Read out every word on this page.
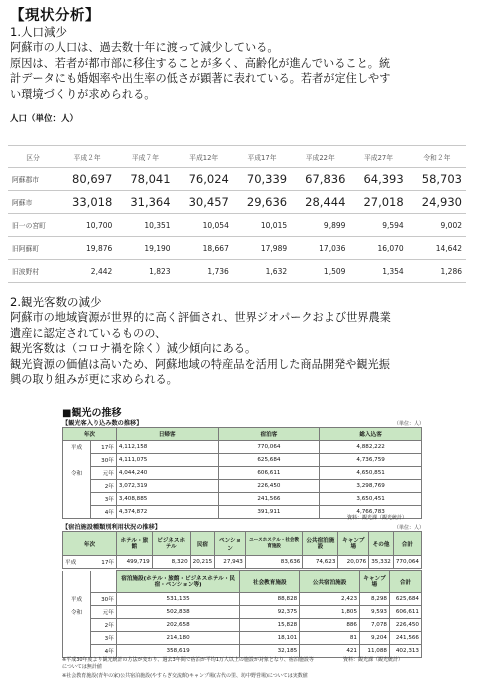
【現状分析】
1.人口減少
阿蘇市の人口は、過去数十年に渡って減少している。
原因は、若者が都市部に移住することが多く、高齢化が進んでいること。統
計データにも婚姻率や出生率の低さが顕著に表れている。若者が定住しやす
い環境づくりが求められる。
人口（単位：人）
区分	平成２年	平成７年	平成12年	平成17年	平成22年	平成27年	令和２年
阿蘇郡市	80,697	78,041	76,024	70,339	67,836	64,393	58,703
阿蘇市	33,018	31,364	30,457	29,636	28,444	27,018	24,930
旧一の宮町	10,700	10,351	10,054	10,015	9,899	9,594	9,002
旧阿蘇町	19,876	19,190	18,667	17,989	17,036	16,070	14,642
旧波野村	2,442	1,823	1,736	1,632	1,509	1,354	1,286
2.観光客数の減少
阿蘇市の地域資源が世界的に高く評価され、世界ジオパークおよび世界農業
遺産に認定されているものの、
観光客数は（コロナ禍を除く）減少傾向にある。
観光資源の価値は高いため、阿蘇地域の特産品を活用した商品開発や観光振
興の取り組みが更に求められる。
■観光の推移
【観光客入り込み数の推移】	（単位：人）
年次		日帰客	宿泊客	総入込客
平成	17年	4,112,158	770,064	4,882,222
	30年	4,111,075	625,684	4,736,759
令和	元年	4,044,240	606,611	4,650,851
	2年	3,072,319	226,450	3,298,769
	3年	3,408,885	241,566	3,650,451
	4年	4,374,872	391,911	4,766,783
資料：観光課（観光統計）
【宿泊施設種類別利用状況の推移】	（単位：人）
年次	ホテル・旅館	ビジネスホテル	民宿	ペンション	ユースホステル・社会教育施設	公共宿泊施設	キャンプ場	その他	合計
平成 17年	499,719	8,320	20,215	27,943	83,636	74,623	20,076	35,332	770,064
		宿泊施設(ホテル・旅館・ビジネスホテル・民宿・ペンション等)	社会教育施設	公共宿泊施設	キャンプ場	合計
平成	30年	531,135	88,828	2,423	8,298	625,684
令和	元年	502,838	92,375	1,805	9,593	606,611
	2年	202,658	15,828	886	7,078	226,450
	3年	214,180	18,101	81	9,204	241,566
	4年	358,619	32,185	421	11,088	402,313
※平成30年度より観光統計の方法が変わり、過去3年間で宿泊が平均1万人以上の施設が対象となり、宿泊施設等	資料：観光課（観光統計）
については無計値
※社会教育施設(青年の家)公共宿泊施設(やすらぎ交流館)キャンプ場(古代の里、坊中野営場)については実数値
